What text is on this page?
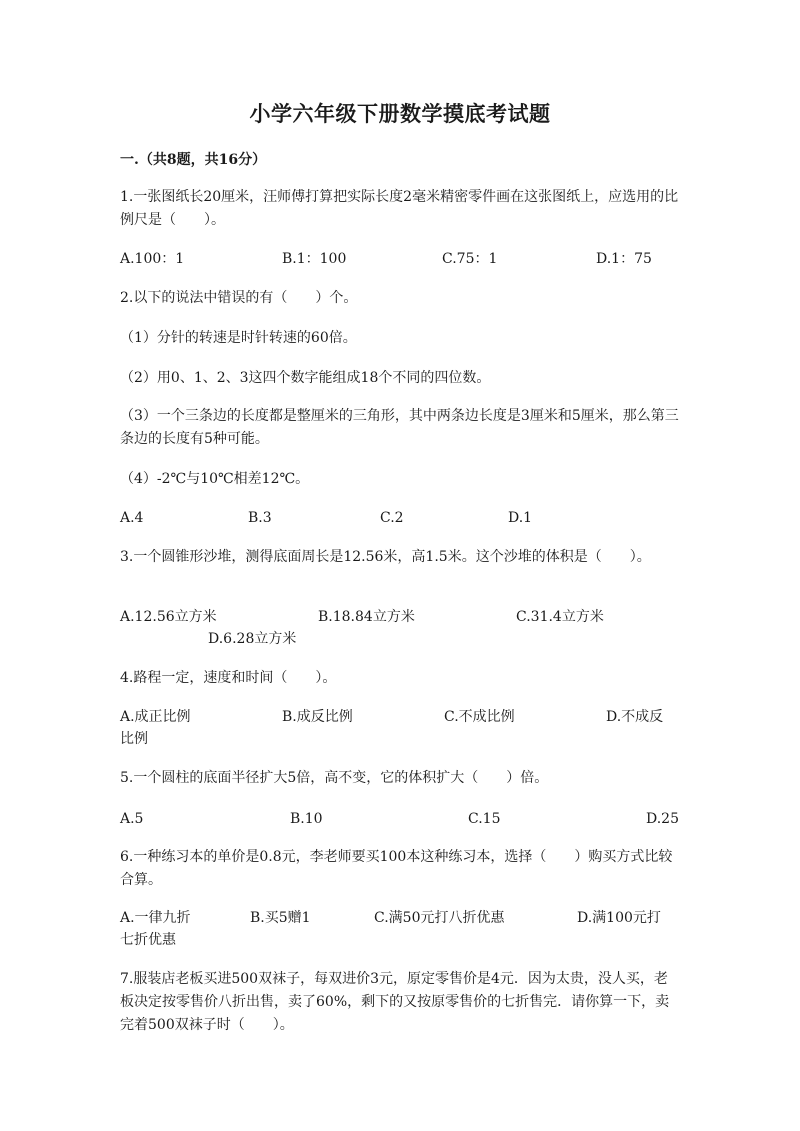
小学六年级下册数学摸底考试题
一.（共8题，共16分）
1.一张图纸长20厘米，汪师傅打算把实际长度2毫米精密零件画在这张图纸上，应选用的比例尺是（　　）。
A.100：1	B.1：100	C.75：1	D.1：75
2.以下的说法中错误的有（　　）个。
（1）分针的转速是时针转速的60倍。
（2）用0、1、2、3这四个数字能组成18个不同的四位数。
（3）一个三条边的长度都是整厘米的三角形，其中两条边长度是3厘米和5厘米，那么第三条边的长度有5种可能。
（4）-2℃与10℃相差12℃。
A.4	B.3	C.2	D.1
3.一个圆锥形沙堆，测得底面周长是12.56米，高1.5米。这个沙堆的体积是（　　）。
A.12.56立方米	B.18.84立方米	C.31.4立方米
D.6.28立方米
4.路程一定，速度和时间（　　）。
A.成正比例	B.成反比例	C.不成比例	D.不成反
比例
5.一个圆柱的底面半径扩大5倍，高不变，它的体积扩大（　　）倍。
A.5	B.10	C.15	D.25
6.一种练习本的单价是0.8元，李老师要买100本这种练习本，选择（　　）购买方式比较合算。
A.一律九折	B.买5赠1	C.满50元打八折优惠	D.满100元打
七折优惠
7.服装店老板买进500双袜子，每双进价3元，原定零售价是4元．因为太贵，没人买，老板决定按零售价八折出售，卖了60%，剩下的又按原零售价的七折售完．请你算一下，卖完着500双袜子时（　　）。
